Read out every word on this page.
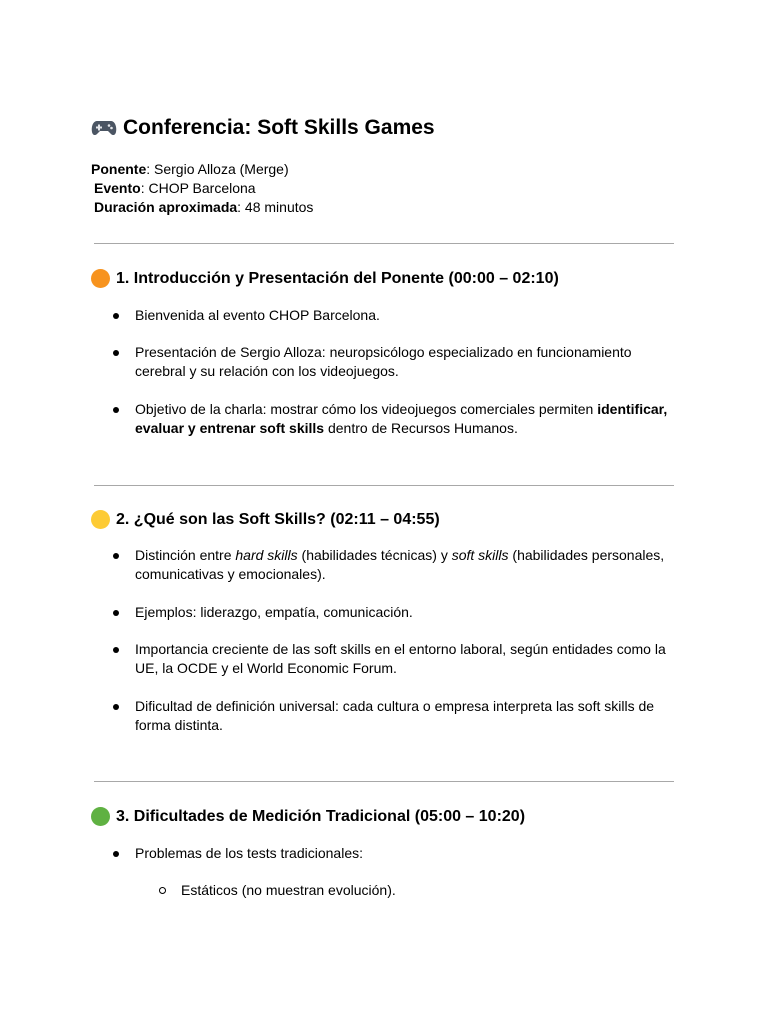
Conferencia: Soft Skills Games
Ponente: Sergio Alloza (Merge)
Evento: CHOP Barcelona
Duración aproximada: 48 minutos
1. Introducción y Presentación del Ponente (00:00 – 02:10)
Bienvenida al evento CHOP Barcelona.
Presentación de Sergio Alloza: neuropsicólogo especializado en funcionamiento cerebral y su relación con los videojuegos.
Objetivo de la charla: mostrar cómo los videojuegos comerciales permiten identificar, evaluar y entrenar soft skills dentro de Recursos Humanos.
2. ¿Qué son las Soft Skills? (02:11 – 04:55)
Distinción entre hard skills (habilidades técnicas) y soft skills (habilidades personales, comunicativas y emocionales).
Ejemplos: liderazgo, empatía, comunicación.
Importancia creciente de las soft skills en el entorno laboral, según entidades como la UE, la OCDE y el World Economic Forum.
Dificultad de definición universal: cada cultura o empresa interpreta las soft skills de forma distinta.
3. Dificultades de Medición Tradicional (05:00 – 10:20)
Problemas de los tests tradicionales:
Estáticos (no muestran evolución).
